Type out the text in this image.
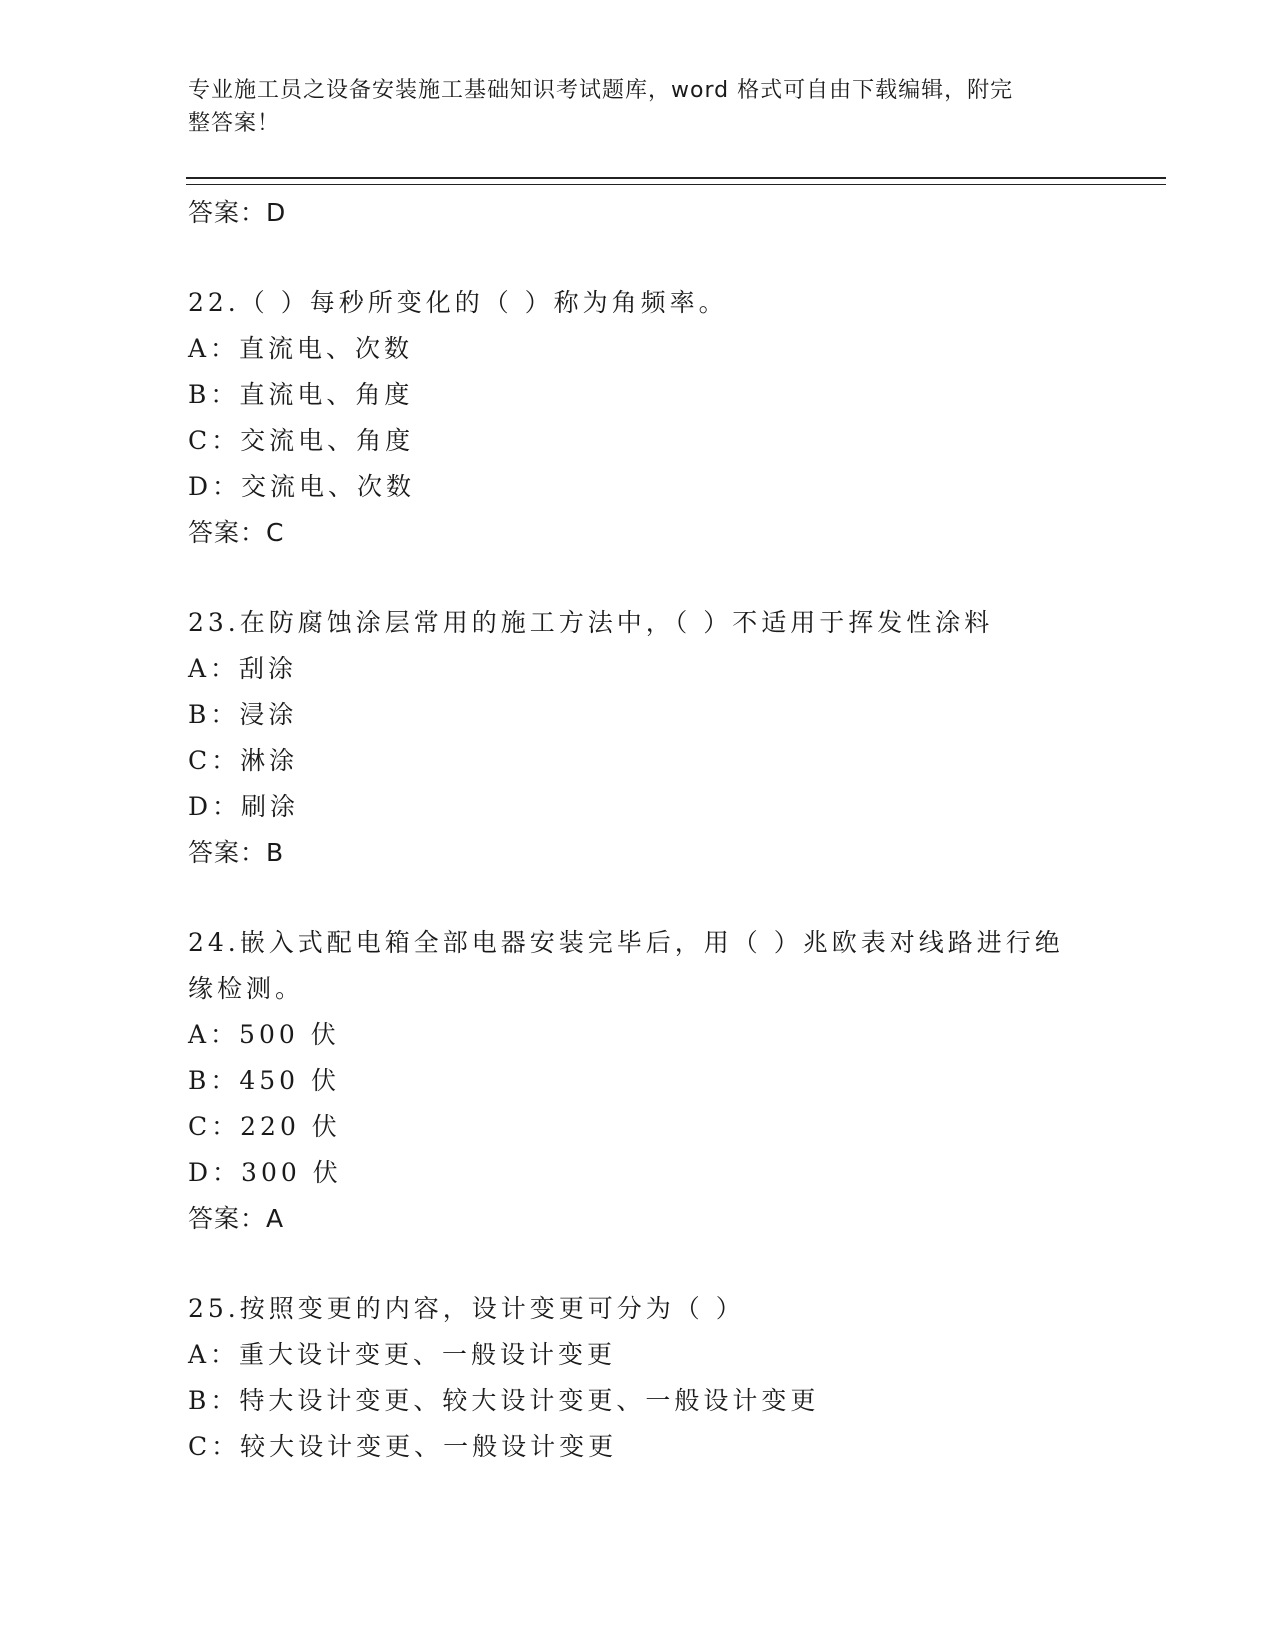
专业施工员之设备安装施工基础知识考试题库，word 格式可自由下载编辑，附完
整答案！
答案：D
22.（ ）每秒所变化的（ ）称为角频率。
A：直流电、次数
B：直流电、角度
C：交流电、角度
D：交流电、次数
答案：C
23.在防腐蚀涂层常用的施工方法中，（ ）不适用于挥发性涂料
A：刮涂
B：浸涂
C：淋涂
D：刷涂
答案：B
24.嵌入式配电箱全部电器安装完毕后，用（ ）兆欧表对线路进行绝
缘检测。
A：500 伏
B：450 伏
C：220 伏
D：300 伏
答案：A
25.按照变更的内容，设计变更可分为（ ）
A：重大设计变更、一般设计变更
B：特大设计变更、较大设计变更、一般设计变更
C：较大设计变更、一般设计变更
